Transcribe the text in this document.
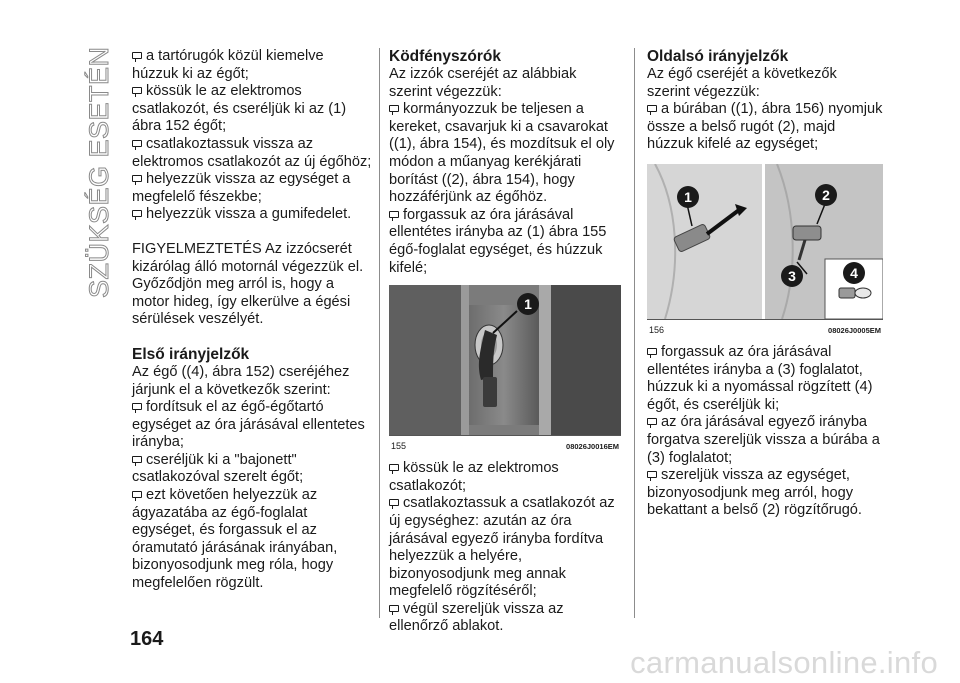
SZÜKSÉG ESETÉN	a tartórugók közül kiemelve húzzuk ki az égőt;

kössük le az elektromos csatlakozót, és cseréljük ki az (1) ábra 152 égőt;

csatlakoztassuk vissza az elektromos csatlakozót az új égőhöz;

helyezzük vissza az egységet a megfelelő fészekbe;

helyezzük vissza a gumifedelet.

FIGYELMEZTETÉS Az izzócserét kizárólag álló motornál végezzük el. Győződjön meg arról is, hogy a motor hideg, így elkerülve a égési sérülések veszélyét.

Első irányjelzők

Az égő ((4), ábra 152) cseréjéhez járjunk el a következők szerint:

fordítsuk el az égő-égőtartó egységet az óra járásával ellentetes irányba;

cseréljük ki a "bajonett" csatlakozóval szerelt égőt;

ezt követően helyezzük az ágyazatába az égő-foglalat egységet, és forgassuk el az óramutató járásának irányában, bizonyosodjunk meg róla, hogy megfelelően rögzült.

Ködfényszórók

Az izzók cseréjét az alábbiak szerint végezzük:

kormányozzuk be teljesen a kereket, csavarjuk ki a csavarokat ((1), ábra 154), és mozdítsuk el oly módon a műanyag kerékjárati borítást ((2), ábra 154), hogy hozzáférjünk az égőhöz.

forgassuk az óra járásával ellentétes irányba az (1) ábra 155 égő-foglalat egységet, és húzzuk kifelé;

1
155	08026J0016EM

kössük le az elektromos csatlakozót;

csatlakoztassuk a csatlakozót az új egységhez: azután az óra járásával egyező irányba fordítva helyezzük a helyére, bizonyosodjunk meg annak megfelelő rögzítéséről;

végül szereljük vissza az ellenőrző ablakot.

Oldalsó irányjelzők

Az égő cseréjét a következők szerint végezzük:

a búrában ((1), ábra 156) nyomjuk össze a belső rugót (2), majd húzzuk kifelé az egységet;

1	2
3	4
156	08026J0005EM

forgassuk az óra járásával ellentétes irányba a (3) foglalatot, húzzuk ki a nyomással rögzített (4) égőt, és cseréljük ki;

az óra járásával egyező irányba forgatva szereljük vissza a búrába a (3) foglalatot;

szereljük vissza az egységet, bizonyosodjunk meg arról, hogy bekattant a belső (2) rögzítőrugó.

164
carmanualsonline.info
